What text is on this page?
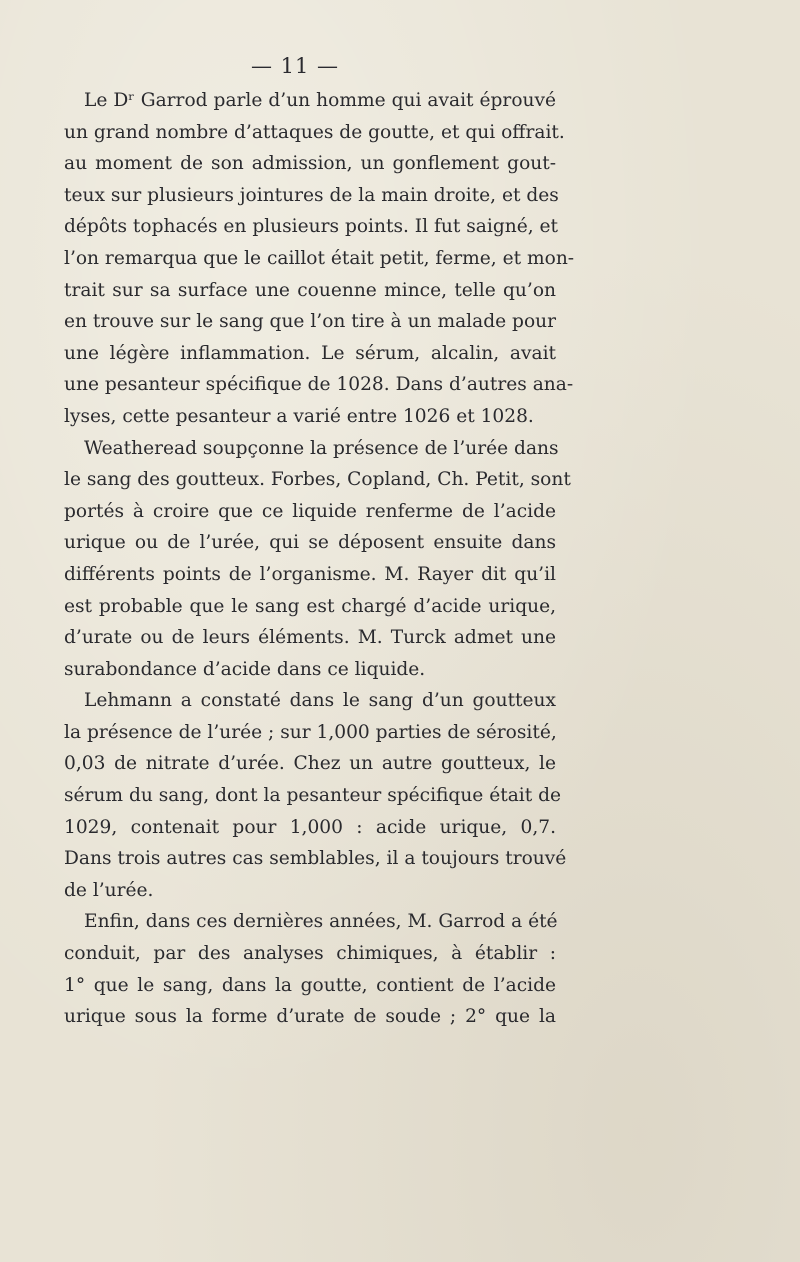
— 11 —
Le Dʳ Garrod parle d’un homme qui avait éprouvé
un grand nombre d’attaques de goutte, et qui offrait.
au moment de son admission, un gonflement gout-
teux sur plusieurs jointures de la main droite, et des
dépôts tophacés en plusieurs points. Il fut saigné, et
l’on remarqua que le caillot était petit, ferme, et mon-
trait sur sa surface une couenne mince, telle qu’on
en trouve sur le sang que l’on tire à un malade pour
une légère inflammation. Le sérum, alcalin, avait
une pesanteur spécifique de 1028. Dans d’autres ana-
lyses, cette pesanteur a varié entre 1026 et 1028.
Weatheread soupçonne la présence de l’urée dans
le sang des goutteux. Forbes, Copland, Ch. Petit, sont
portés à croire que ce liquide renferme de l’acide
urique ou de l’urée, qui se déposent ensuite dans
différents points de l’organisme. M. Rayer dit qu’il
est probable que le sang est chargé d’acide urique,
d’urate ou de leurs éléments. M. Turck admet une
surabondance d’acide dans ce liquide.
Lehmann a constaté dans le sang d’un goutteux
la présence de l’urée ; sur 1,000 parties de sérosité,
0,03 de nitrate d’urée. Chez un autre goutteux, le
sérum du sang, dont la pesanteur spécifique était de
1029, contenait pour 1,000 : acide urique, 0,7.
Dans trois autres cas semblables, il a toujours trouvé
de l’urée.
Enfin, dans ces dernières années, M. Garrod a été
conduit, par des analyses chimiques, à établir :
1° que le sang, dans la goutte, contient de l’acide
urique sous la forme d’urate de soude ; 2° que la
